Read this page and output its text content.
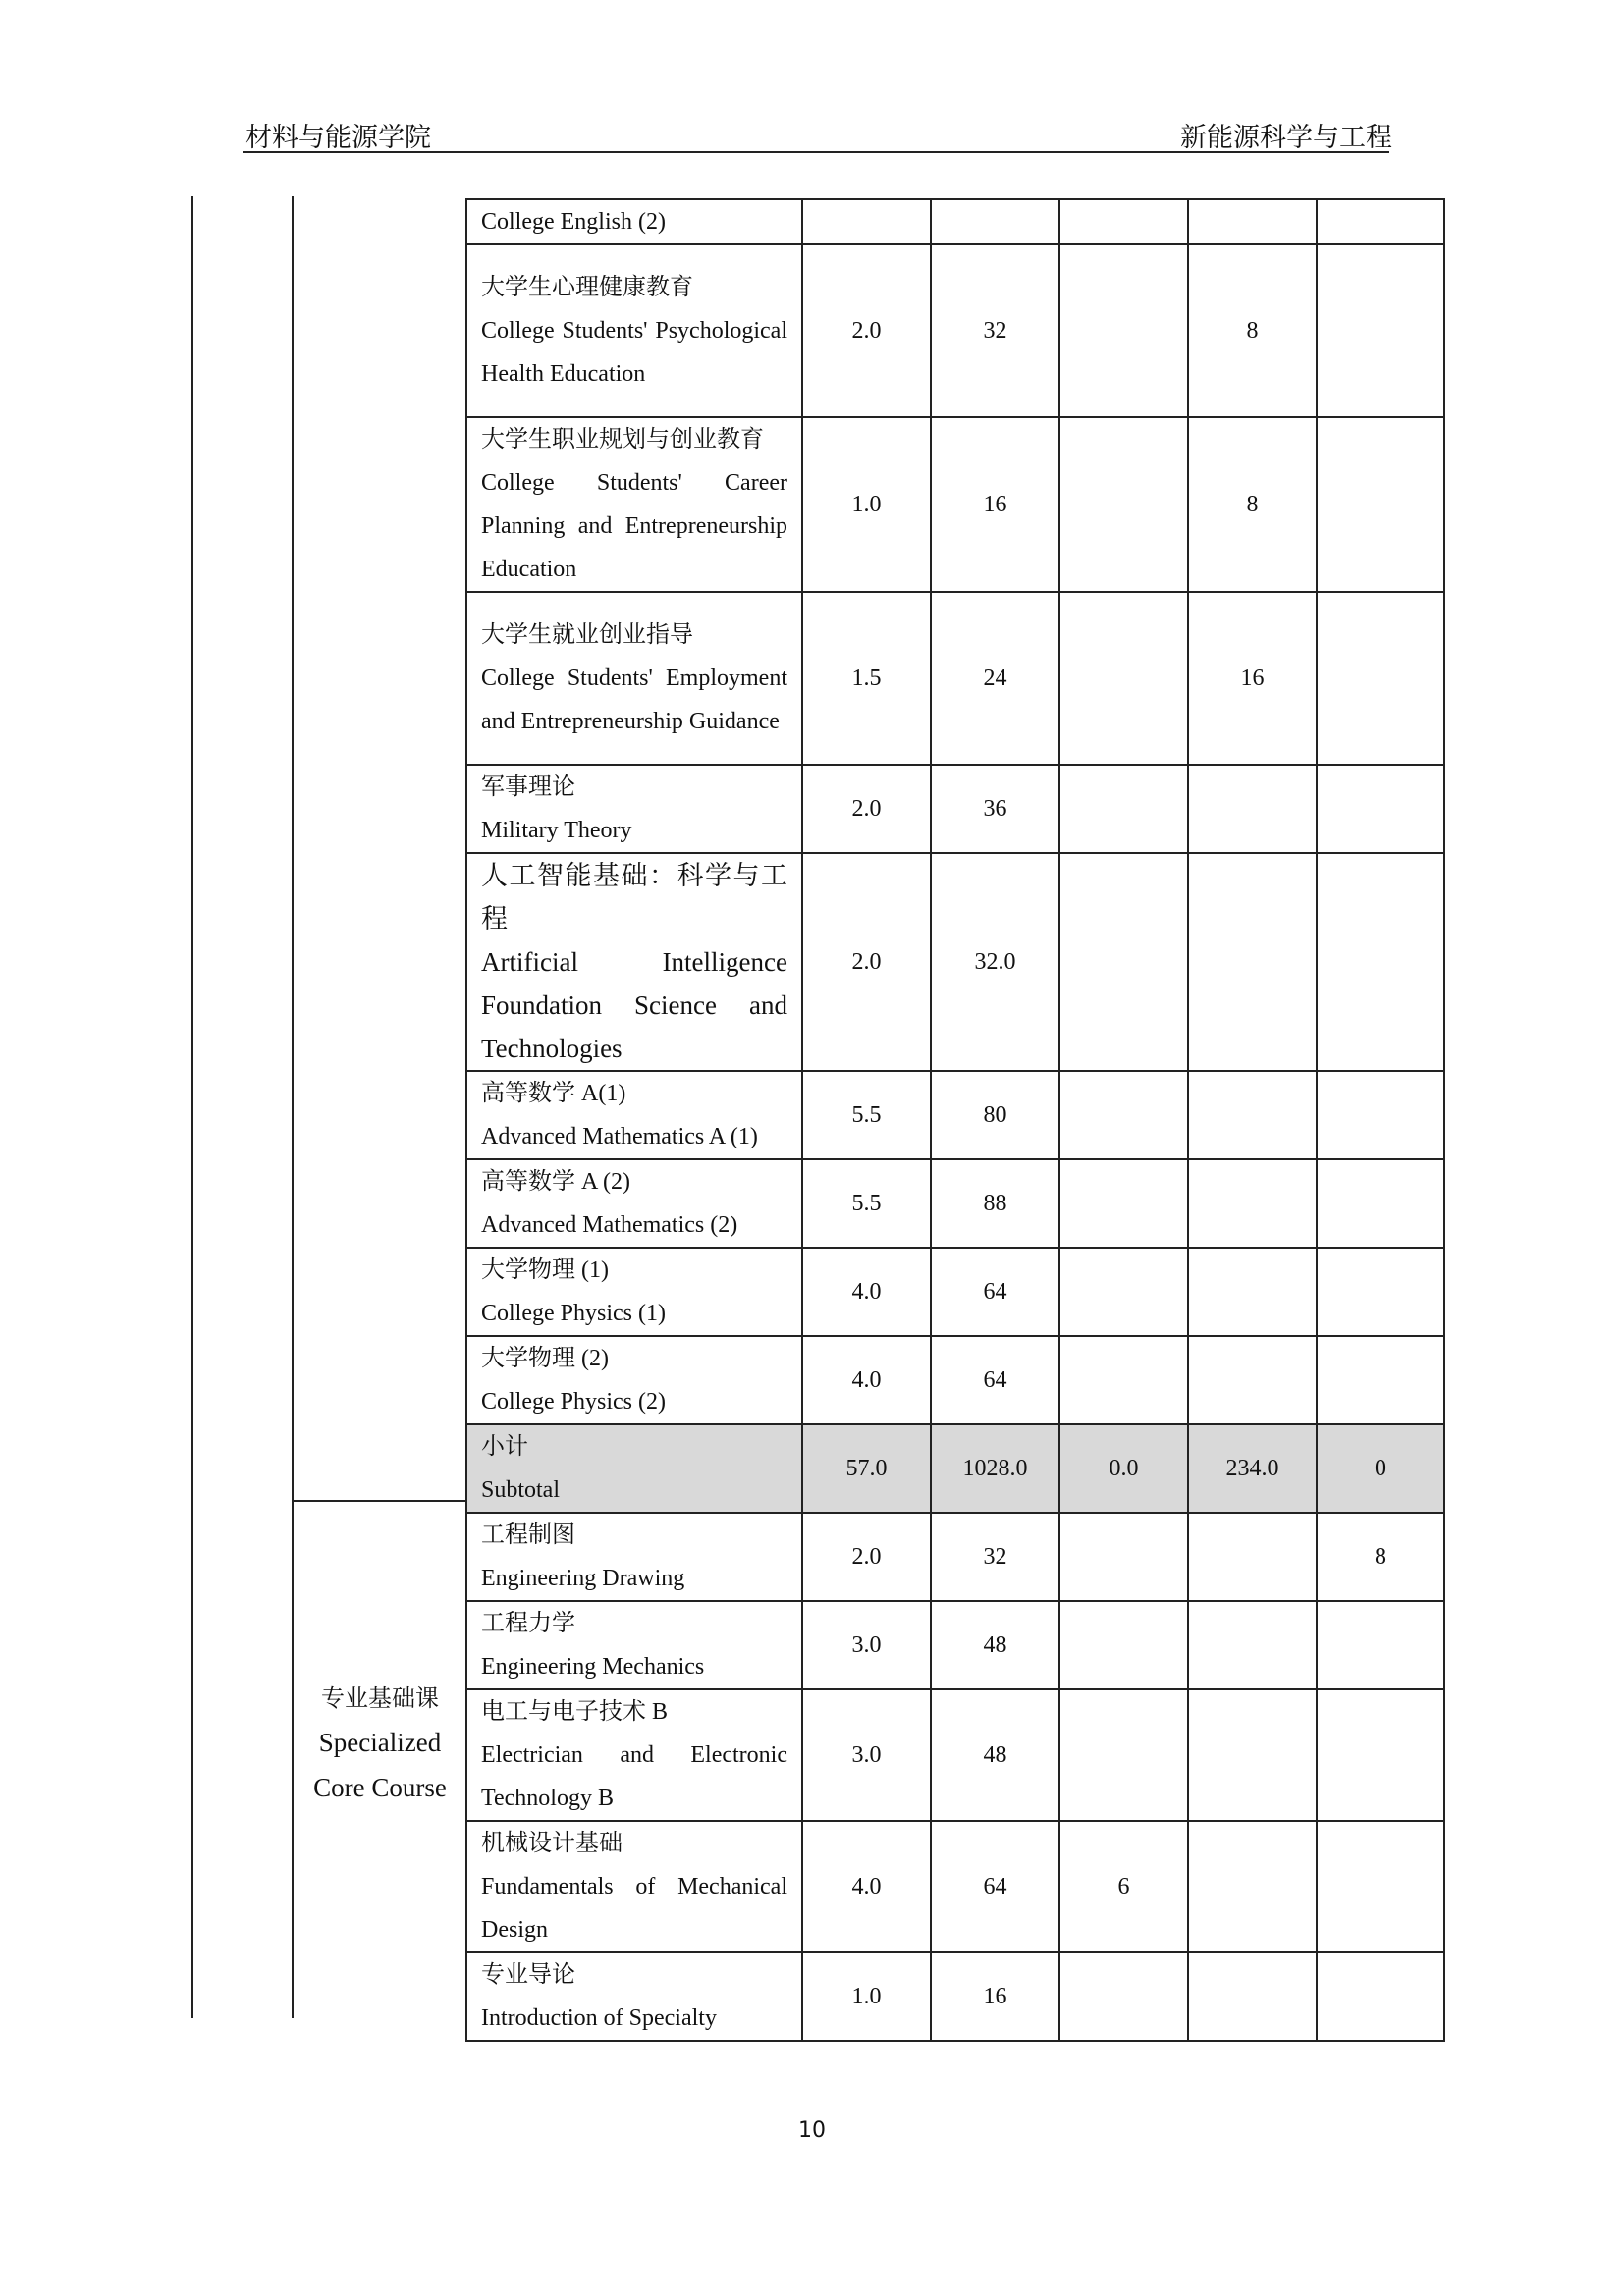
材料与能源学院	新能源科学与工程
专业基础课
Specialized Core Course
College English (2)					

大学生心理健康教育
College Students' Psychological Health Education	2.0	32		8	

大学生职业规划与创业教育
College Students' Career Planning and Entrepreneurship Education	1.0	16		8	

大学生就业创业指导
College Students' Employment and Entrepreneurship Guidance	1.5	24		16	

军事理论
Military Theory	2.0	36			

人工智能基础：科学与工程
Artificial Intelligence Foundation Science and Technologies	2.0	32.0			

高等数学 A(1)
Advanced Mathematics A (1)	5.5	80			

高等数学 A (2)
Advanced Mathematics (2)	5.5	88			

大学物理 (1)
College Physics (1)	4.0	64			

大学物理 (2)
College Physics (2)	4.0	64			

小计
Subtotal	57.0	1028.0	0.0	234.0	0

工程制图
Engineering Drawing	2.0	32			8

工程力学
Engineering Mechanics	3.0	48			

电工与电子技术 B
Electrician and Electronic Technology B	3.0	48			

机械设计基础
Fundamentals of Mechanical Design	4.0	64	6		

专业导论
Introduction of Specialty	1.0	16			
10
